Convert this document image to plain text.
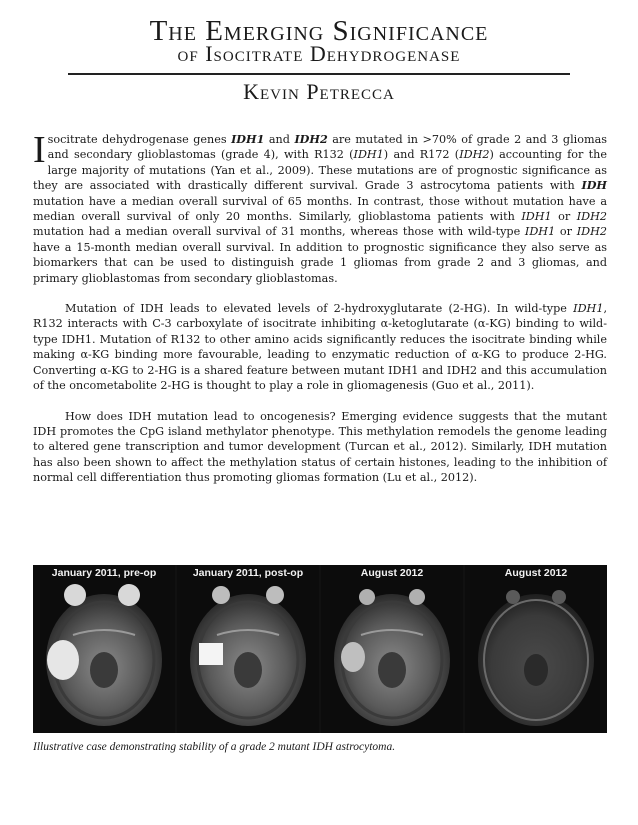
The Emerging Significance
of Isocitrate Dehydrogenase
Kevin Petrecca

Isocitrate dehydrogenase genes IDH1 and IDH2 are mutated in >70% of grade 2 and 3 gliomas and secondary glioblastomas (grade 4), with R132 (IDH1) and R172 (IDH2) accounting for the large majority of mutations (Yan et al., 2009). These mutations are of prognostic significance as they are associated with drastically different survival. Grade 3 astrocytoma patients with IDH mutation have a median overall survival of 65 months. In contrast, those without mutation have a median overall survival of only 20 months. Similarly, glioblastoma patients with IDH1 or IDH2 mutation had a median overall survival of 31 months, whereas those with wild-type IDH1 or IDH2 have a 15-month median overall survival. In addition to prognostic significance they also serve as biomarkers that can be used to distinguish grade 1 gliomas from grade 2 and 3 gliomas, and primary glioblastomas from secondary glioblastomas.

Mutation of IDH leads to elevated levels of 2-hydroxyglutarate (2-HG). In wild-type IDH1, R132 interacts with C-3 carboxylate of isocitrate inhibiting α-ketoglutarate (α-KG) binding to wild-type IDH1. Mutation of R132 to other amino acids significantly reduces the isocitrate binding while making α-KG binding more favourable, leading to enzymatic reduction of α-KG to produce 2-HG. Converting α-KG to 2-HG is a shared feature between mutant IDH1 and IDH2 and this accumulation of the oncometabolite 2-HG is thought to play a role in gliomagenesis (Guo et al., 2011).

How does IDH mutation lead to oncogenesis? Emerging evidence suggests that the mutant IDH promotes the CpG island methylator phenotype. This methylation remodels the genome leading to altered gene transcription and tumor development (Turcan et al., 2012). Similarly, IDH mutation has also been shown to affect the methylation status of certain histones, leading to the inhibition of normal cell differentiation thus promoting gliomas formation (Lu et al., 2012).

January 2011, pre-op	January 2011, post-op	August 2012	August 2012
Illustrative case demonstrating stability of a grade 2 mutant IDH astrocytoma.
